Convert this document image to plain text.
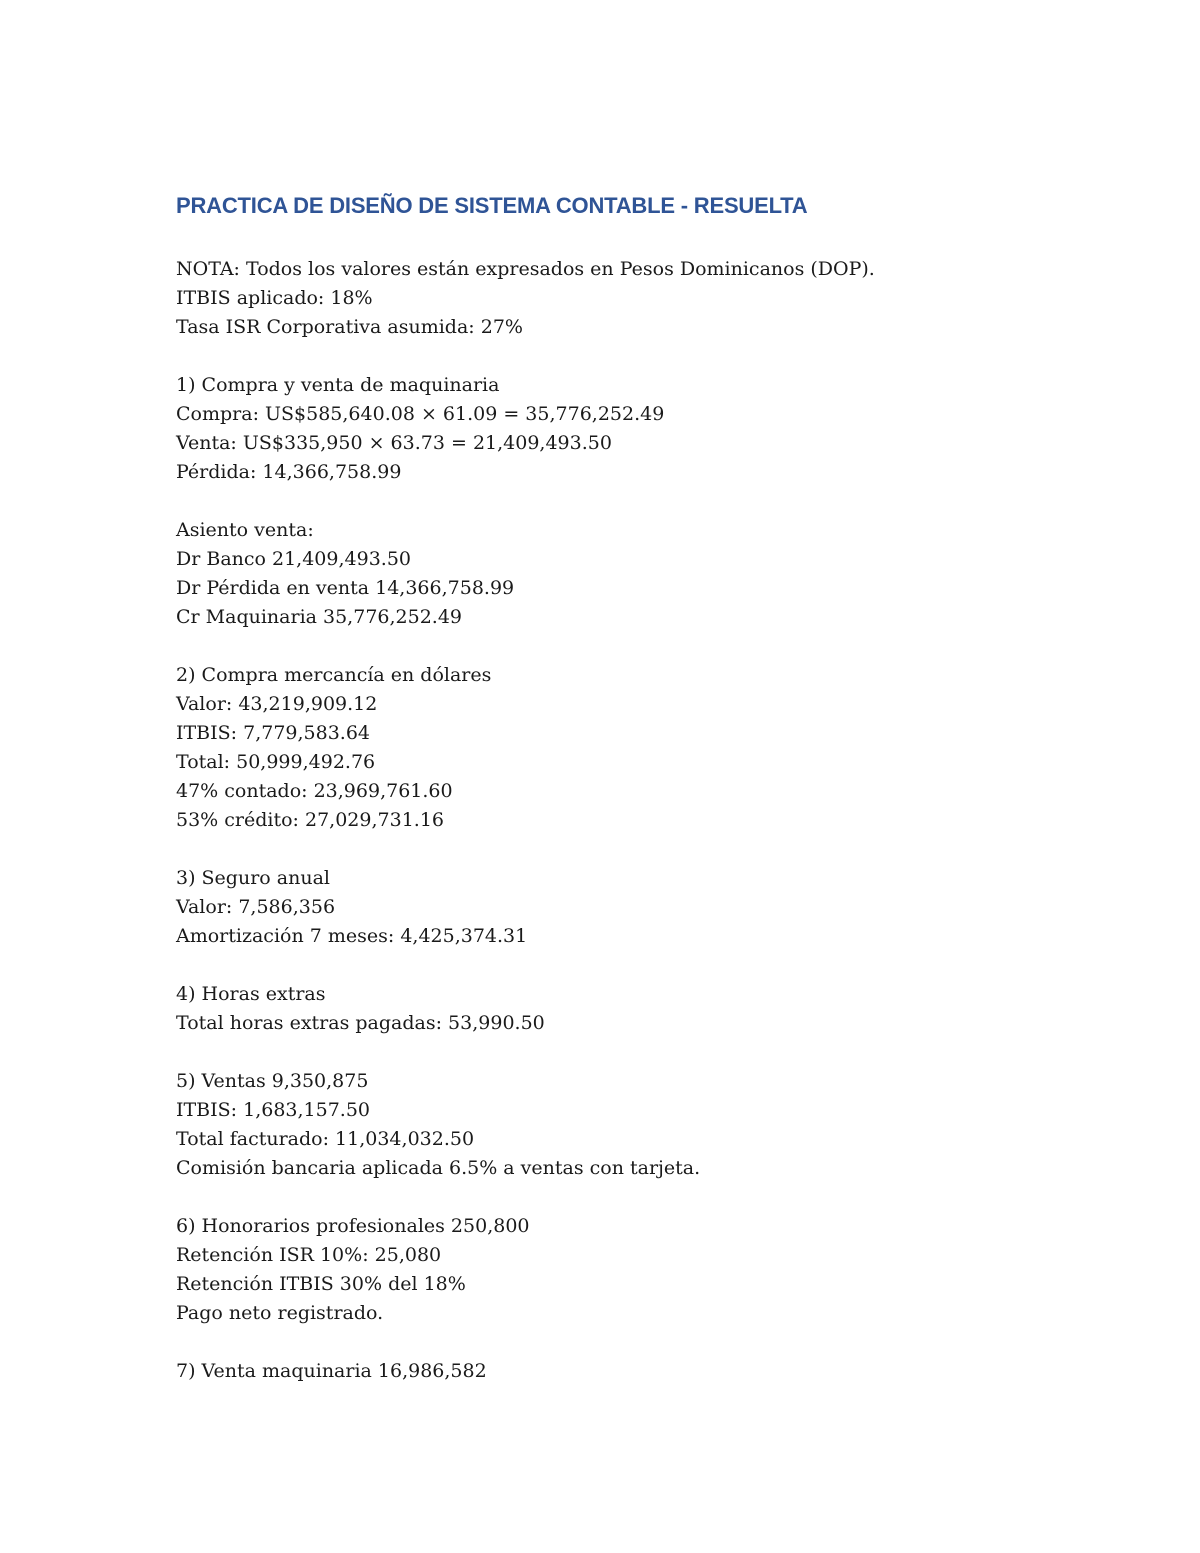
PRACTICA DE DISEÑO DE SISTEMA CONTABLE - RESUELTA
NOTA: Todos los valores están expresados en Pesos Dominicanos (DOP).
ITBIS aplicado: 18%
Tasa ISR Corporativa asumida: 27%
1) Compra y venta de maquinaria
Compra: US$585,640.08 × 61.09 = 35,776,252.49
Venta: US$335,950 × 63.73 = 21,409,493.50
Pérdida: 14,366,758.99
Asiento venta:
Dr Banco 21,409,493.50
Dr Pérdida en venta 14,366,758.99
Cr Maquinaria 35,776,252.49
2) Compra mercancía en dólares
Valor: 43,219,909.12
ITBIS: 7,779,583.64
Total: 50,999,492.76
47% contado: 23,969,761.60
53% crédito: 27,029,731.16
3) Seguro anual
Valor: 7,586,356
Amortización 7 meses: 4,425,374.31
4) Horas extras
Total horas extras pagadas: 53,990.50
5) Ventas 9,350,875
ITBIS: 1,683,157.50
Total facturado: 11,034,032.50
Comisión bancaria aplicada 6.5% a ventas con tarjeta.
6) Honorarios profesionales 250,800
Retención ISR 10%: 25,080
Retención ITBIS 30% del 18%
Pago neto registrado.
7) Venta maquinaria 16,986,582
